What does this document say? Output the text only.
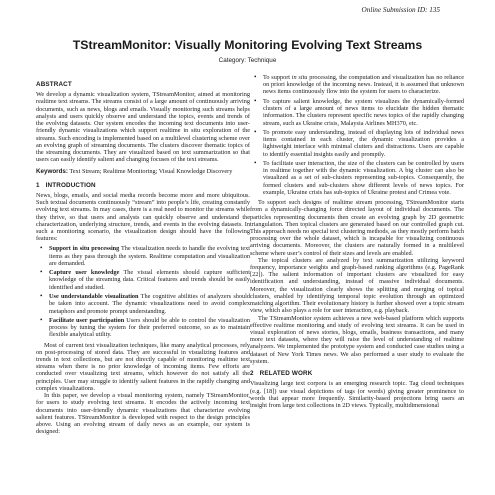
Online Submission ID: 135
TStreamMonitor: Visually Monitoring Evolving Text Streams
Category: Technique
ABSTRACT

We develop a dynamic visualization system, TStreamMonitor, aimed at monitoring realtime text streams. The streams consist of a large amount of continuously arriving documents, such as news, blogs and emails. Visually monitoring such streams helps analysts and users quickly observe and understand the topics, events and trends of the evolving datasets. Our system encodes the incoming text documents into user-friendly dynamic visualizations which support realtime in situ exploration of the streams. Such encoding is implemented based on a multilevel clustering scheme over an evolving graph of streaming documents. The clusters discover thematic topics of the streaming documents. They are visualized based on text summarization so that users can easily identify salient and changing focuses of the text streams.

Keywords: Text Stream; Realtime Monitoring; Visual Knowledge Discovery

1 INTRODUCTION

News, blogs, emails, and social media records become more and more ubiquitous. Such textual documents continuously “stream” into people’s life, creating constantly evolving text streams. In may cases, there is a real need to monitor the streams while they thrive, so that users and analysts can quickly observe and understand the characterization, underlying structure, trends, and events in the evolving datasets. In such a monitoring scenario, the visualization design should have the following features:

• Support in situ processing The visualization needs to handle the evolving text items as they pass through the system. Realtime computation and visualization are demanded.
• Capture user knowledge The visual elements should capture sufficient knowledge of the streaming data. Critical features and trends should be easily identified and studied.
• Use understandable visualization The cognitive abilities of analyzers should be taken into account. The dynamic visualizations need to avoid complex metaphors and promote prompt understanding.
• Facilitate user participation Users should be able to control the visualization process by tuning the system for their preferred outcome, so as to maintain flexible analytical utility.

Most of current text visualization techniques, like many analytical processes, rely on post-processing of stored data. They are successful in visualizing features and trends in text collections, but are not directly capable of monitoring realtime text streams when there is no prior knowledge of incoming items. Few efforts are conducted over visualizing text streams, which however do not satisfy all the principles. User may struggle to identify salient features in the rapidly changing and complex visualizations.

In this paper, we develop a visual monitoring system, namely TStreamMonitor, for users to study evolving text streams. It encodes the actively incoming text documents into user-friendly dynamic visualizations that characterize evolving salient features. TStreamMonitor is developed with respect to the design principles above. Using an evolving stream of daily news as an example, our system is designed:

• To support in situ processing, the computation and visualization has no reliance on priori knowledge of the incoming news. Instead, it is assumed that unknown news items continuously flow into the system for users to characterize.
• To capture salient knowledge, the system visualizes the dynamically-formed clusters of a large amount of news items to elucidate the hidden thematic information. The clusters represent specific news topics of the rapidly changing stream, such as Ukraine crisis, Malaysia Airlines MH370, etc.
• To promote easy understanding, instead of displaying lots of individual news items contained in each cluster, the dynamic visualization provides a lightweight interface with minimal clutters and distractions. Users are capable to identify essential insights easily and promptly.
• To facilitate user interaction, the size of the clusters can be controlled by users in realtime together with the dynamic visualization. A big cluster can also be visualized as a set of sub-clusters representing sub-topics. Consequently, the formed clusters and sub-clusters show different levels of news topics. For example, Ukraine crisis has sub-topics of Ukraine protest and Crimea vote.

To support such designs of realtime stream processing, TStreamMonitor starts from a dynamically-changing force directed layout of individual documents. The particles representing documents then create an evolving graph by 2D geometric triangulation. Then topical clusters are generated based on our controlled graph cut. This approach needs no special text clustering methods, as they mostly perform batch processing over the whole dataset, which is incapable for visualizing continuous arriving documents. Moreover, the clusters are naturally formed in a multilevel scheme where user’s control of their sizes and levels are enabled.

The topical clusters are analyzed by text summarization utilizing keyword frequency, importance weights and graph-based ranking algorithms (e.g. PageRank [22]). The salient information of important clusters are visualized for easy identification and understanding, instead of massive individual documents. Moreover, the visualization clearly shows the splitting and merging of topical clusters, enabled by identifying temporal topic evolution through an optimized matching algorithm. Their evolutionary history is further showed over a topic stream view, which also plays a role for user interaction, e.g. playback.

The TStreamMonitor system achieves a new web-based platform which supports effective realtime monitoring and study of evolving text streams. It can be used in visual exploration of news stories, blogs, emails, business transactions, and many more text datasets, where they will raise the level of understanding of realtime analyzers. We implemented the prototype system and conducted case studies using a dataset of New York Times news. We also performed a user study to evaluate the system.

2 RELATED WORK

Visualizing large text corpora is an emerging research topic. Tag cloud techniques (e.g. [18]) use visual depictions of tags (or words) giving greater prominence to words that appear more frequently. Similarity-based projections bring users an insight from large text collections in 2D views. Typically, multidimensional
